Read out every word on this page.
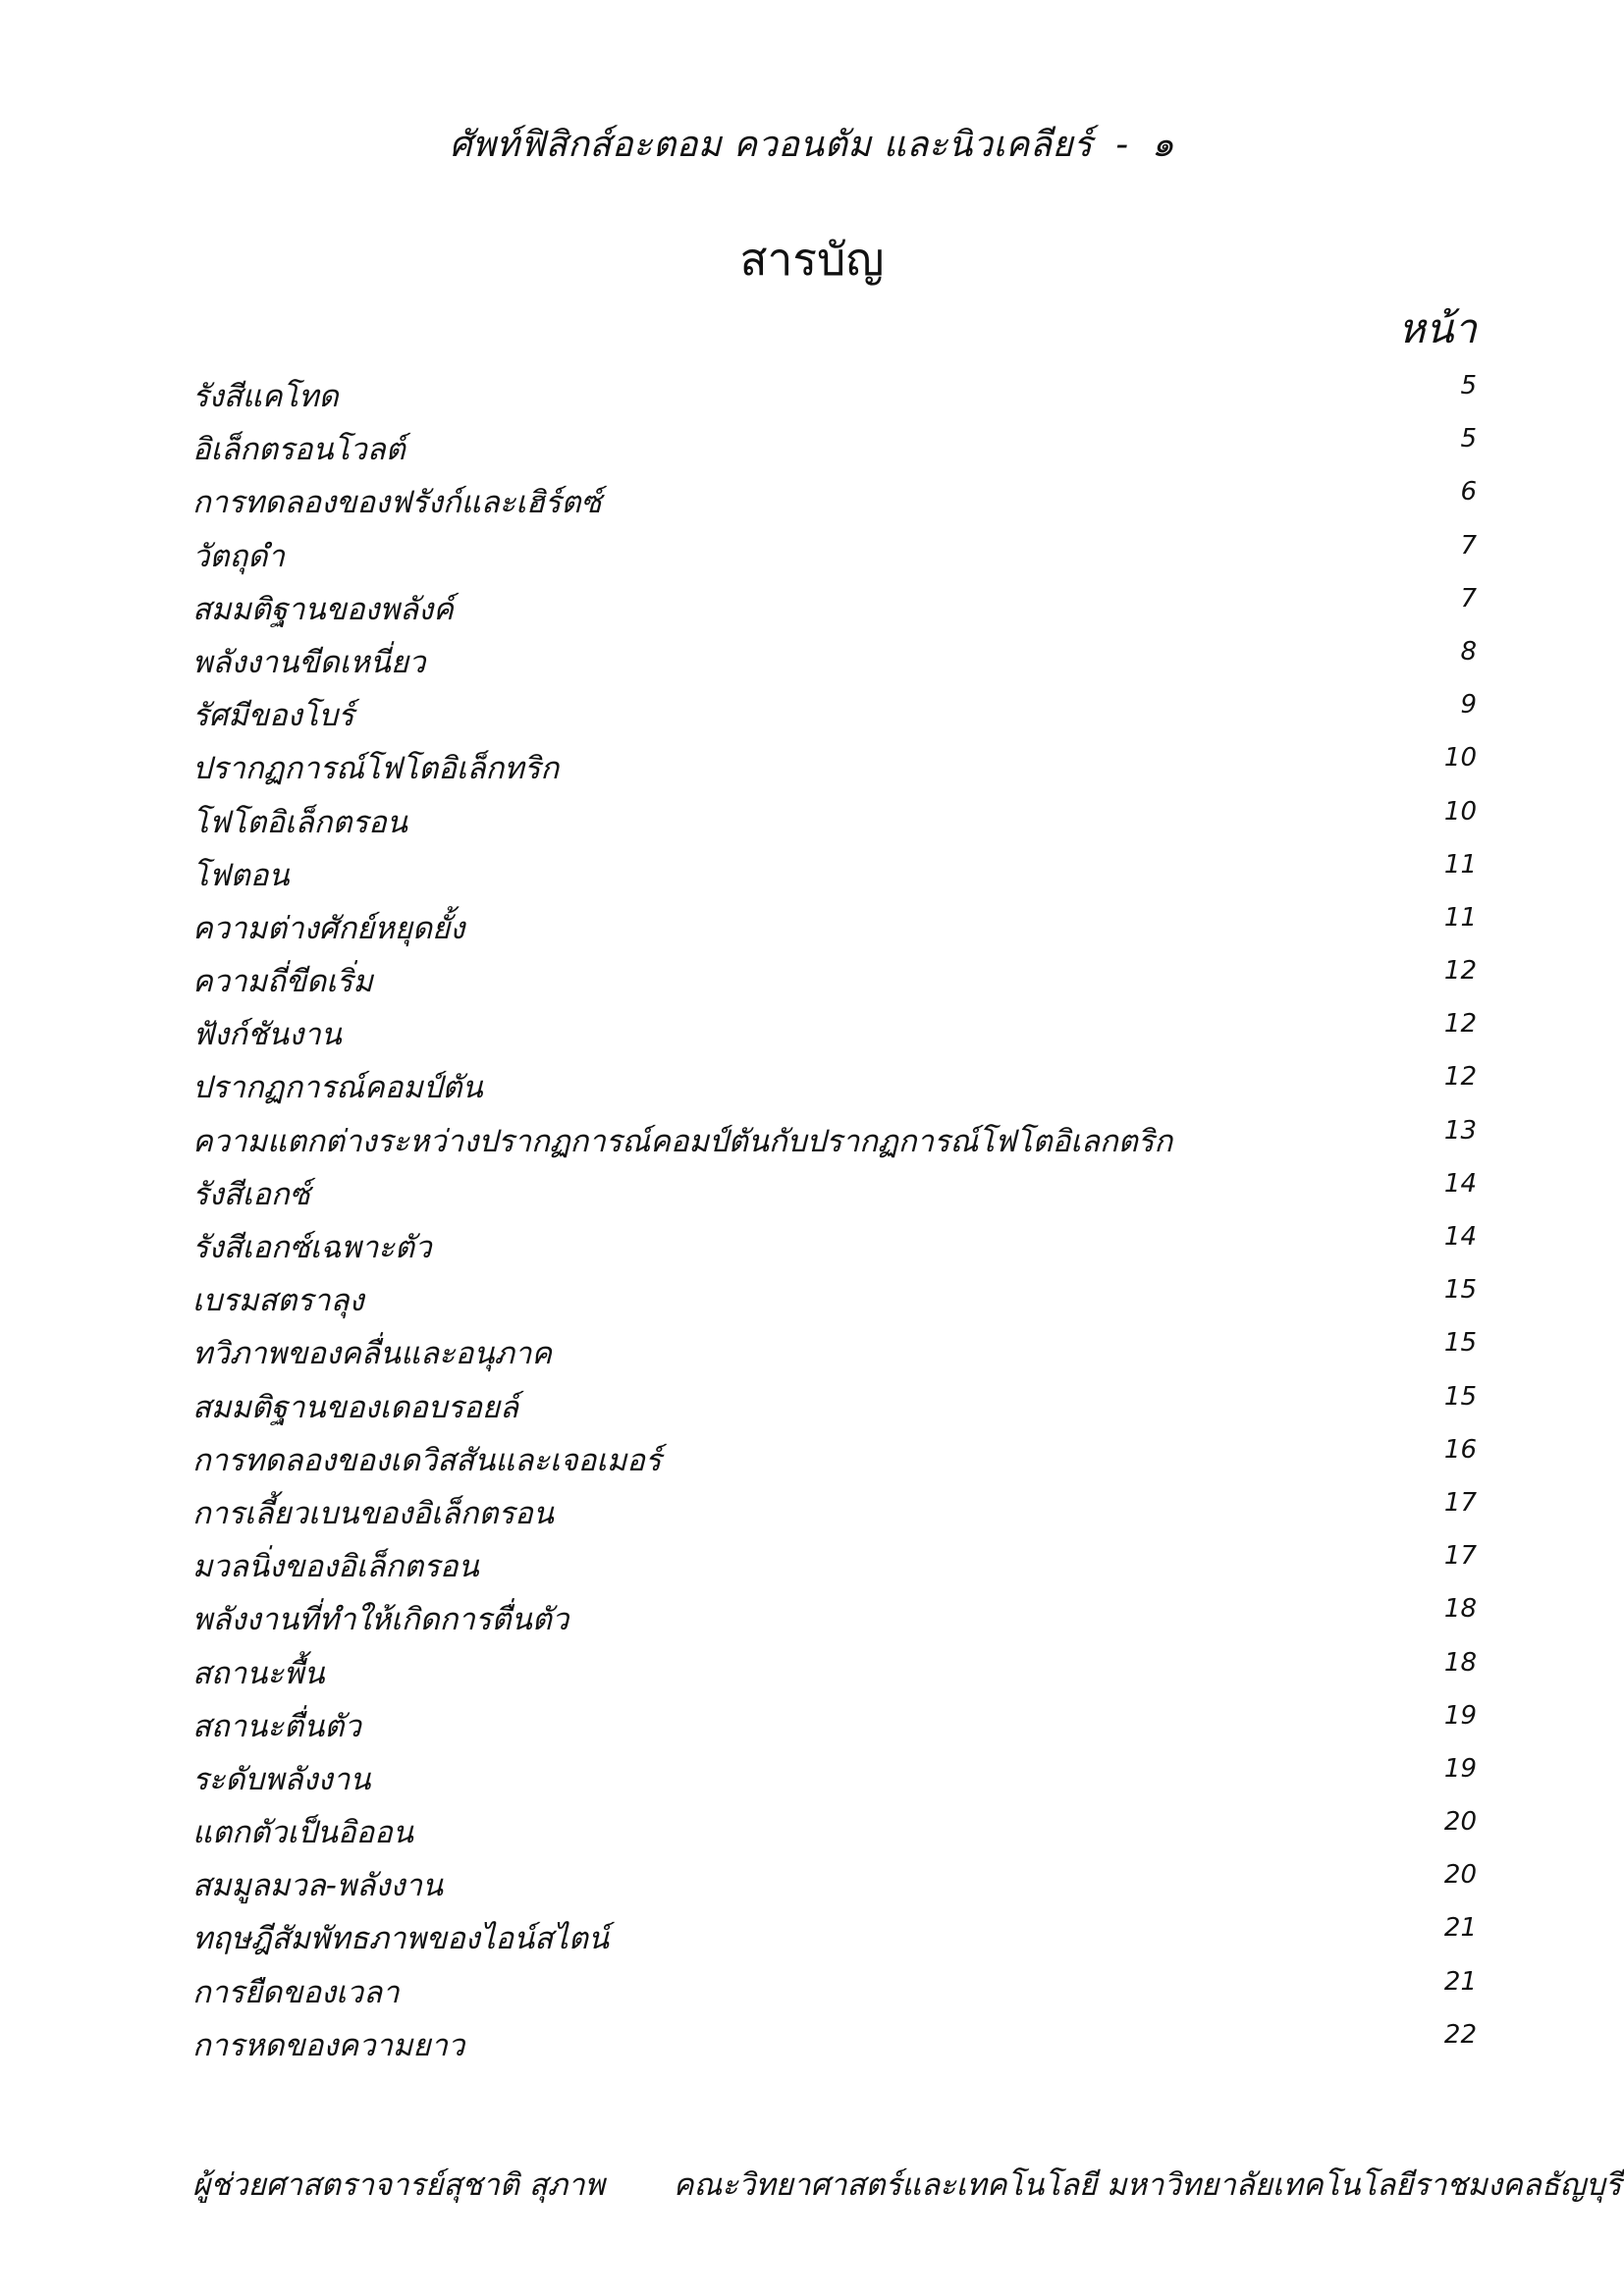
ศัพท์ฟิสิกส์อะตอม ควอนตัม และนิวเคลียร์ - ๑
สารบัญ
หน้า
รังสีแคโทด	5
อิเล็กตรอนโวลต์	5
การทดลองของฟรังก์และเฮิร์ตซ์	6
วัตถุดำ	7
สมมติฐานของพลังค์	7
พลังงานขีดเหนี่ยว	8
รัศมีของโบร์	9
ปรากฏการณ์โฟโตอิเล็กทริก	10
โฟโตอิเล็กตรอน	10
โฟตอน	11
ความต่างศักย์หยุดยั้ง	11
ความถี่ขีดเริ่ม	12
ฟังก์ชันงาน	12
ปรากฏการณ์คอมป์ตัน	12
ความแตกต่างระหว่างปรากฏการณ์คอมป์ตันกับปรากฏการณ์โฟโตอิเลกตริก	13
รังสีเอกซ์	14
รังสีเอกซ์เฉพาะตัว	14
เบรมสตราลุง	15
ทวิภาพของคลื่นและอนุภาค	15
สมมติฐานของเดอบรอยล์	15
การทดลองของเดวิสสันและเจอเมอร์	16
การเลี้ยวเบนของอิเล็กตรอน	17
มวลนิ่งของอิเล็กตรอน	17
พลังงานที่ทำให้เกิดการตื่นตัว	18
สถานะพื้น	18
สถานะตื่นตัว	19
ระดับพลังงาน	19
แตกตัวเป็นอิออน	20
สมมูลมวล-พลังงาน	20
ทฤษฎีสัมพัทธภาพของไอน์สไตน์	21
การยืดของเวลา	21
การหดของความยาว	22
ผู้ช่วยศาสตราจารย์สุชาติ สุภาพ คณะวิทยาศาสตร์และเทคโนโลยี มหาวิทยาลัยเทคโนโลยีราชมงคลธัญบุรี
